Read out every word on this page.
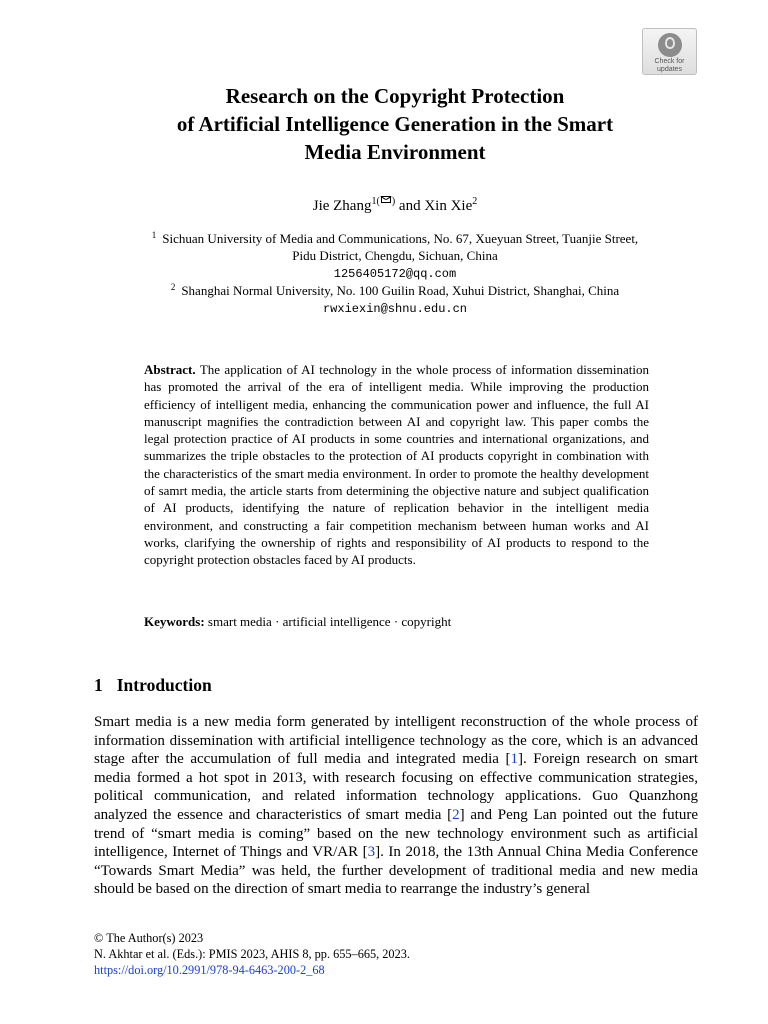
Check for
updates
Research on the Copyright Protection
of Artificial Intelligence Generation in the Smart
Media Environment
Jie Zhang$^{1( )}$ and Xin Xie$^2$
$^1$ Sichuan University of Media and Communications, No. 67, Xueyuan Street, Tuanjie Street,
Pidu District, Chengdu, Sichuan, China
1256405172@qq.com
$^2$ Shanghai Normal University, No. 100 Guilin Road, Xuhui District, Shanghai, China
rwxiexin@shnu.edu.cn

Abstract. The application of AI technology in the whole process of information dissemination has promoted the arrival of the era of intelligent media. While improving the production efficiency of intelligent media, enhancing the communication power and influence, the full AI manuscript magnifies the contradiction between AI and copyright law. This paper combs the legal protection practice of AI products in some countries and international organizations, and summarizes the triple obstacles to the protection of AI products copyright in combination with the characteristics of the smart media environment. In order to promote the healthy development of samrt media, the article starts from determining the objective nature and subject qualification of AI products, identifying the nature of replication behavior in the intelligent media environment, and constructing a fair competition mechanism between human works and AI works, clarifying the ownership of rights and responsibility of AI products to respond to the copyright protection obstacles faced by AI products.

Keywords: smart media · artificial intelligence · copyright

1 Introduction

Smart media is a new media form generated by intelligent reconstruction of the whole process of information dissemination with artificial intelligence technology as the core, which is an advanced stage after the accumulation of full media and integrated media [1]. Foreign research on smart media formed a hot spot in 2013, with research focusing on effective communication strategies, political communication, and related information technology applications. Guo Quanzhong analyzed the essence and characteristics of smart media [2] and Peng Lan pointed out the future trend of “smart media is coming” based on the new technology environment such as artificial intelligence, Internet of Things and VR/AR [3]. In 2018, the 13th Annual China Media Conference “Towards Smart Media” was held, the further development of traditional media and new media should be based on the direction of smart media to rearrange the industry’s general

© The Author(s) 2023
N. Akhtar et al. (Eds.): PMIS 2023, AHIS 8, pp. 655–665, 2023.
https://doi.org/10.2991/978-94-6463-200-2_68
